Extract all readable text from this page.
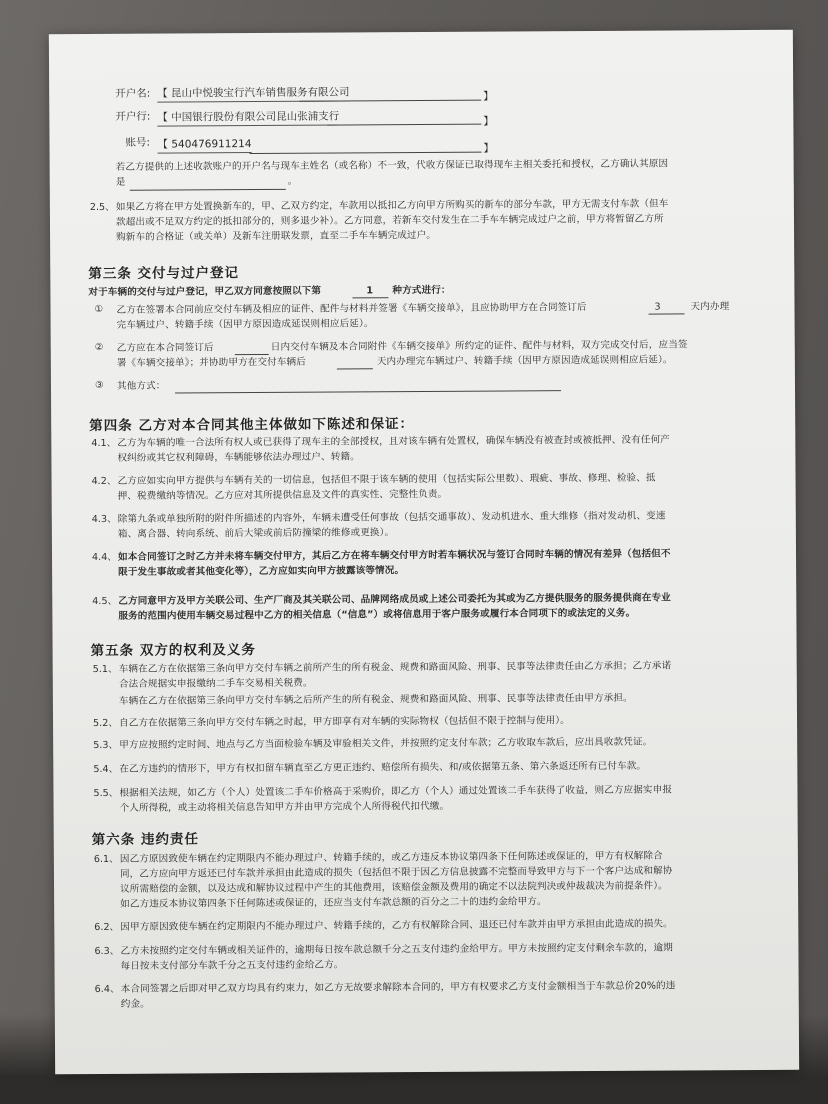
开户名: 【 昆山中悦骏宝行汽车销售服务有限公司	】
开户行: 【 中国银行股份有限公司昆山张浦支行	】
账号: 【 540476911214	】
若乙方提供的上述收款账户的开户名与现车主姓名（或名称）不一致，代收方保证已取得现车主相关委托和授权，乙方确认其原因
是	。
2.5、 如果乙方将在甲方处置换新车的，甲、乙双方约定，车款用以抵扣乙方向甲方所购买的新车的部分车款，甲方无需支付车款（但车
款超出或不足双方约定的抵扣部分的，则多退少补）。乙方同意，若新车交付发生在二手车车辆完成过户之前，甲方将暂留乙方所
购新车的合格证（或关单）及新车注册联发票，直至二手车车辆完成过户。
第三条 交付与过户登记
对于车辆的交付与过户登记，甲乙双方同意按照以下第	1 种方式进行：
① 乙方在签署本合同前应交付车辆及相应的证件、配件与材料并签署《车辆交接单》，且应协助甲方在合同签订后	3	天内办理
完车辆过户、转籍手续（因甲方原因造成延误则相应后延）。
② 乙方应在本合同签订后	日内交付车辆及本合同附件《车辆交接单》所约定的证件、配件与材料，双方完成交付后，应当签
署《车辆交接单》；并协助甲方在交付车辆后	天内办理完车辆过户、转籍手续（因甲方原因造成延误则相应后延）。
③ 其他方式：
第四条 乙方对本合同其他主体做如下陈述和保证：
4.1、 乙方为车辆的唯一合法所有权人或已获得了现车主的全部授权，且对该车辆有处置权，确保车辆没有被查封或被抵押、没有任何产
权纠纷或其它权利障碍，车辆能够依法办理过户、转籍。
4.2、 乙方应如实向甲方提供与车辆有关的一切信息，包括但不限于该车辆的使用（包括实际公里数）、瑕疵、事故、修理、检验、抵
押、税费缴纳等情况。乙方应对其所提供信息及文件的真实性、完整性负责。
4.3、 除第九条或单独所附的附件所描述的内容外，车辆未遭受任何事故（包括交通事故）、发动机进水、重大维修（指对发动机、变速
箱、离合器、转向系统、前后大梁或前后防撞梁的维修或更换）。
4.4、 如本合同签订之时乙方并未将车辆交付甲方，其后乙方在将车辆交付甲方时若车辆状况与签订合同时车辆的情况有差异（包括但不
限于发生事故或者其他变化等），乙方应如实向甲方披露该等情况。
4.5、 乙方同意甲方及甲方关联公司、生产厂商及其关联公司、品牌网络成员或上述公司委托为其或为乙方提供服务的服务提供商在专业
服务的范围内使用车辆交易过程中乙方的相关信息（“信息”）或将信息用于客户服务或履行本合同项下的或法定的义务。
第五条 双方的权利及义务
5.1、 车辆在乙方在依据第三条向甲方交付车辆之前所产生的所有税金、规费和路面风险、刑事、民事等法律责任由乙方承担；乙方承诺
合法合规据实申报缴纳二手车交易相关税费。
车辆在乙方在依据第三条向甲方交付车辆之后所产生的所有税金、规费和路面风险、刑事、民事等法律责任由甲方承担。
5.2、 自乙方在依据第三条向甲方交付车辆之时起，甲方即享有对车辆的实际物权（包括但不限于控制与使用）。
5.3、 甲方应按照约定时间、地点与乙方当面检验车辆及审验相关文件，并按照约定支付车款；乙方收取车款后，应出具收款凭证。
5.4、 在乙方违约的情形下，甲方有权扣留车辆直至乙方更正违约、赔偿所有损失、和/或依据第五条、第六条返还所有已付车款。
5.5、 根据相关法规，如乙方（个人）处置该二手车价格高于采购价，即乙方（个人）通过处置该二手车获得了收益，则乙方应据实申报
个人所得税，或主动将相关信息告知甲方并由甲方完成个人所得税代扣代缴。
第六条 违约责任
6.1、 因乙方原因致使车辆在约定期限内不能办理过户、转籍手续的，或乙方违反本协议第四条下任何陈述或保证的，甲方有权解除合
同，乙方应向甲方返还已付车款并承担由此造成的损失（包括但不限于因乙方信息披露不完整而导致甲方与下一个客户达成和解协
议所需赔偿的金额，以及达成和解协议过程中产生的其他费用，该赔偿金额及费用的确定不以法院判决或仲裁裁决为前提条件）。
如乙方违反本协议第四条下任何陈述或保证的，还应当支付车款总额的百分之二十的违约金给甲方。
6.2、 因甲方原因致使车辆在约定期限内不能办理过户、转籍手续的，乙方有权解除合同、退还已付车款并由甲方承担由此造成的损失。
6.3、 乙方未按照约定交付车辆或相关证件的，逾期每日按车款总额千分之五支付违约金给甲方。甲方未按照约定支付剩余车款的，逾期
每日按未支付部分车款千分之五支付违约金给乙方。
6.4、 本合同签署之后即对甲乙双方均具有约束力，如乙方无故要求解除本合同的，甲方有权要求乙方支付金额相当于车款总价20%的违
约金。
